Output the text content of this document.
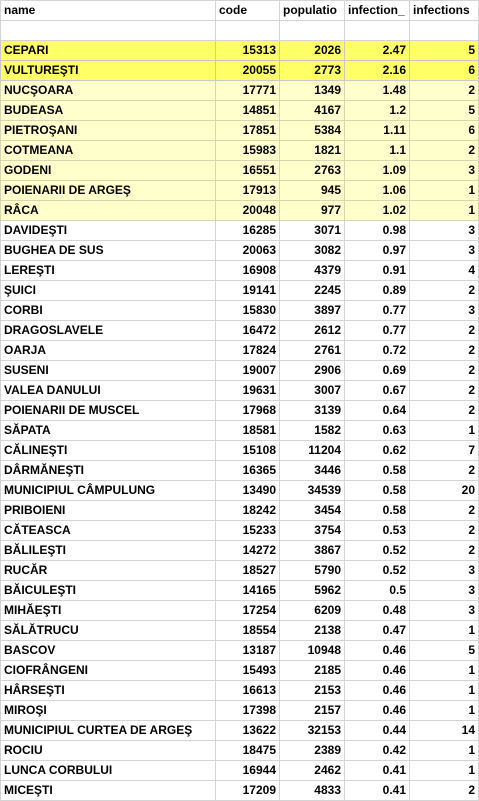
name	code	populatio	infection_	infections

CEPARI	15313	2026	2.47	5
VULTUREŞTI	20055	2773	2.16	6
NUCŞOARA	17771	1349	1.48	2
BUDEASA	14851	4167	1.2	5
PIETROŞANI	17851	5384	1.11	6
COTMEANA	15983	1821	1.1	2
GODENI	16551	2763	1.09	3
POIENARII DE ARGEŞ	17913	945	1.06	1
RÂCA	20048	977	1.02	1
DAVIDEŞTI	16285	3071	0.98	3
BUGHEA DE SUS	20063	3082	0.97	3
LEREŞTI	16908	4379	0.91	4
ŞUICI	19141	2245	0.89	2
CORBI	15830	3897	0.77	3
DRAGOSLAVELE	16472	2612	0.77	2
OARJA	17824	2761	0.72	2
SUSENI	19007	2906	0.69	2
VALEA DANULUI	19631	3007	0.67	2
POIENARII DE MUSCEL	17968	3139	0.64	2
SĂPATA	18581	1582	0.63	1
CĂLINEŞTI	15108	11204	0.62	7
DÂRMĂNEŞTI	16365	3446	0.58	2
MUNICIPIUL CÂMPULUNG	13490	34539	0.58	20
PRIBOIENI	18242	3454	0.58	2
CĂTEASCA	15233	3754	0.53	2
BĂLILEŞTI	14272	3867	0.52	2
RUCĂR	18527	5790	0.52	3
BĂICULEŞTI	14165	5962	0.5	3
MIHĂEŞTI	17254	6209	0.48	3
SĂLĂTRUCU	18554	2138	0.47	1
BASCOV	13187	10948	0.46	5
CIOFRÂNGENI	15493	2185	0.46	1
HÂRSEŞTI	16613	2153	0.46	1
MIROŞI	17398	2157	0.46	1
MUNICIPIUL CURTEA DE ARGEŞ	13622	32153	0.44	14
ROCIU	18475	2389	0.42	1
LUNCA CORBULUI	16944	2462	0.41	1
MICEŞTI	17209	4833	0.41	2
